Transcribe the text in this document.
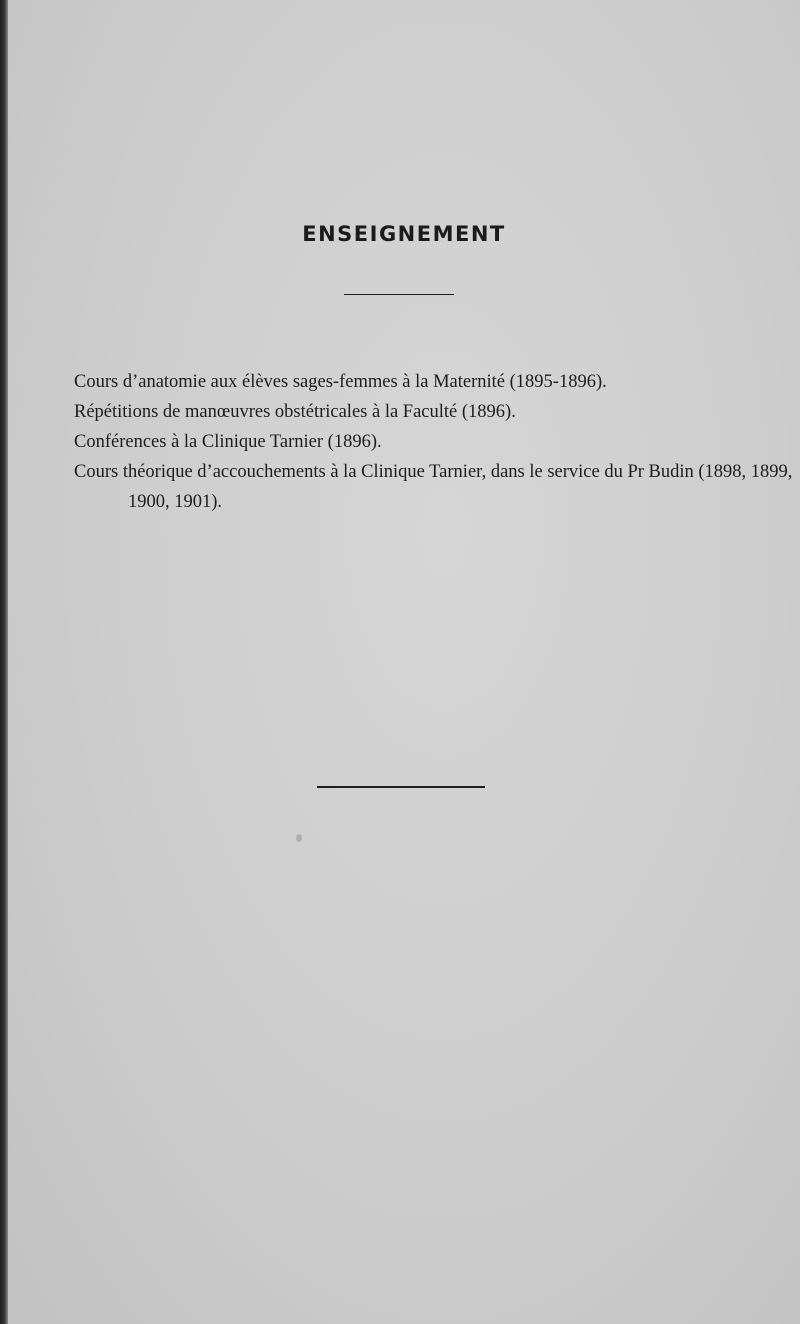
ENSEIGNEMENT
Cours d’anatomie aux élèves sages-femmes à la Maternité (1895-1896).
Répétitions de manœuvres obstétricales à la Faculté (1896).
Conférences à la Clinique Tarnier (1896).
Cours théorique d’accouchements à la Clinique Tarnier, dans le service du Pr Budin (1898, 1899, 1900, 1901).
